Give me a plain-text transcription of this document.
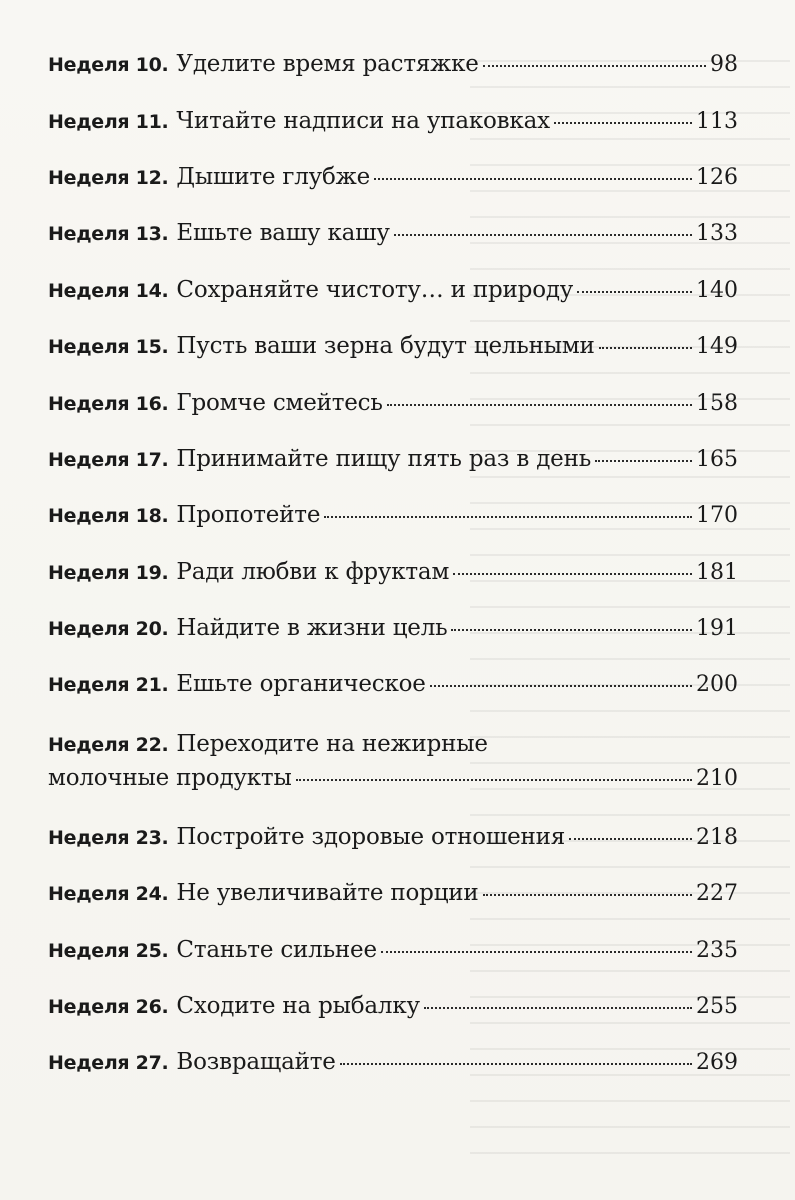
Неделя 10. Уделите время растяжке	98
Неделя 11. Читайте надписи на упаковках	113
Неделя 12. Дышите глубже	126
Неделя 13. Ешьте вашу кашу	133
Неделя 14. Сохраняйте чистоту… и природу	140
Неделя 15. Пусть ваши зерна будут цельными	149
Неделя 16. Громче смейтесь	158
Неделя 17. Принимайте пищу пять раз в день	165
Неделя 18. Пропотейте	170
Неделя 19. Ради любви к фруктам	181
Неделя 20. Найдите в жизни цель	191
Неделя 21. Ешьте органическое	200
Неделя 22. Переходите на нежирные
молочные продукты	210
Неделя 23. Постройте здоровые отношения	218
Неделя 24. Не увеличивайте порции	227
Неделя 25. Станьте сильнее	235
Неделя 26. Сходите на рыбалку	255
Неделя 27. Возвращайте	269
